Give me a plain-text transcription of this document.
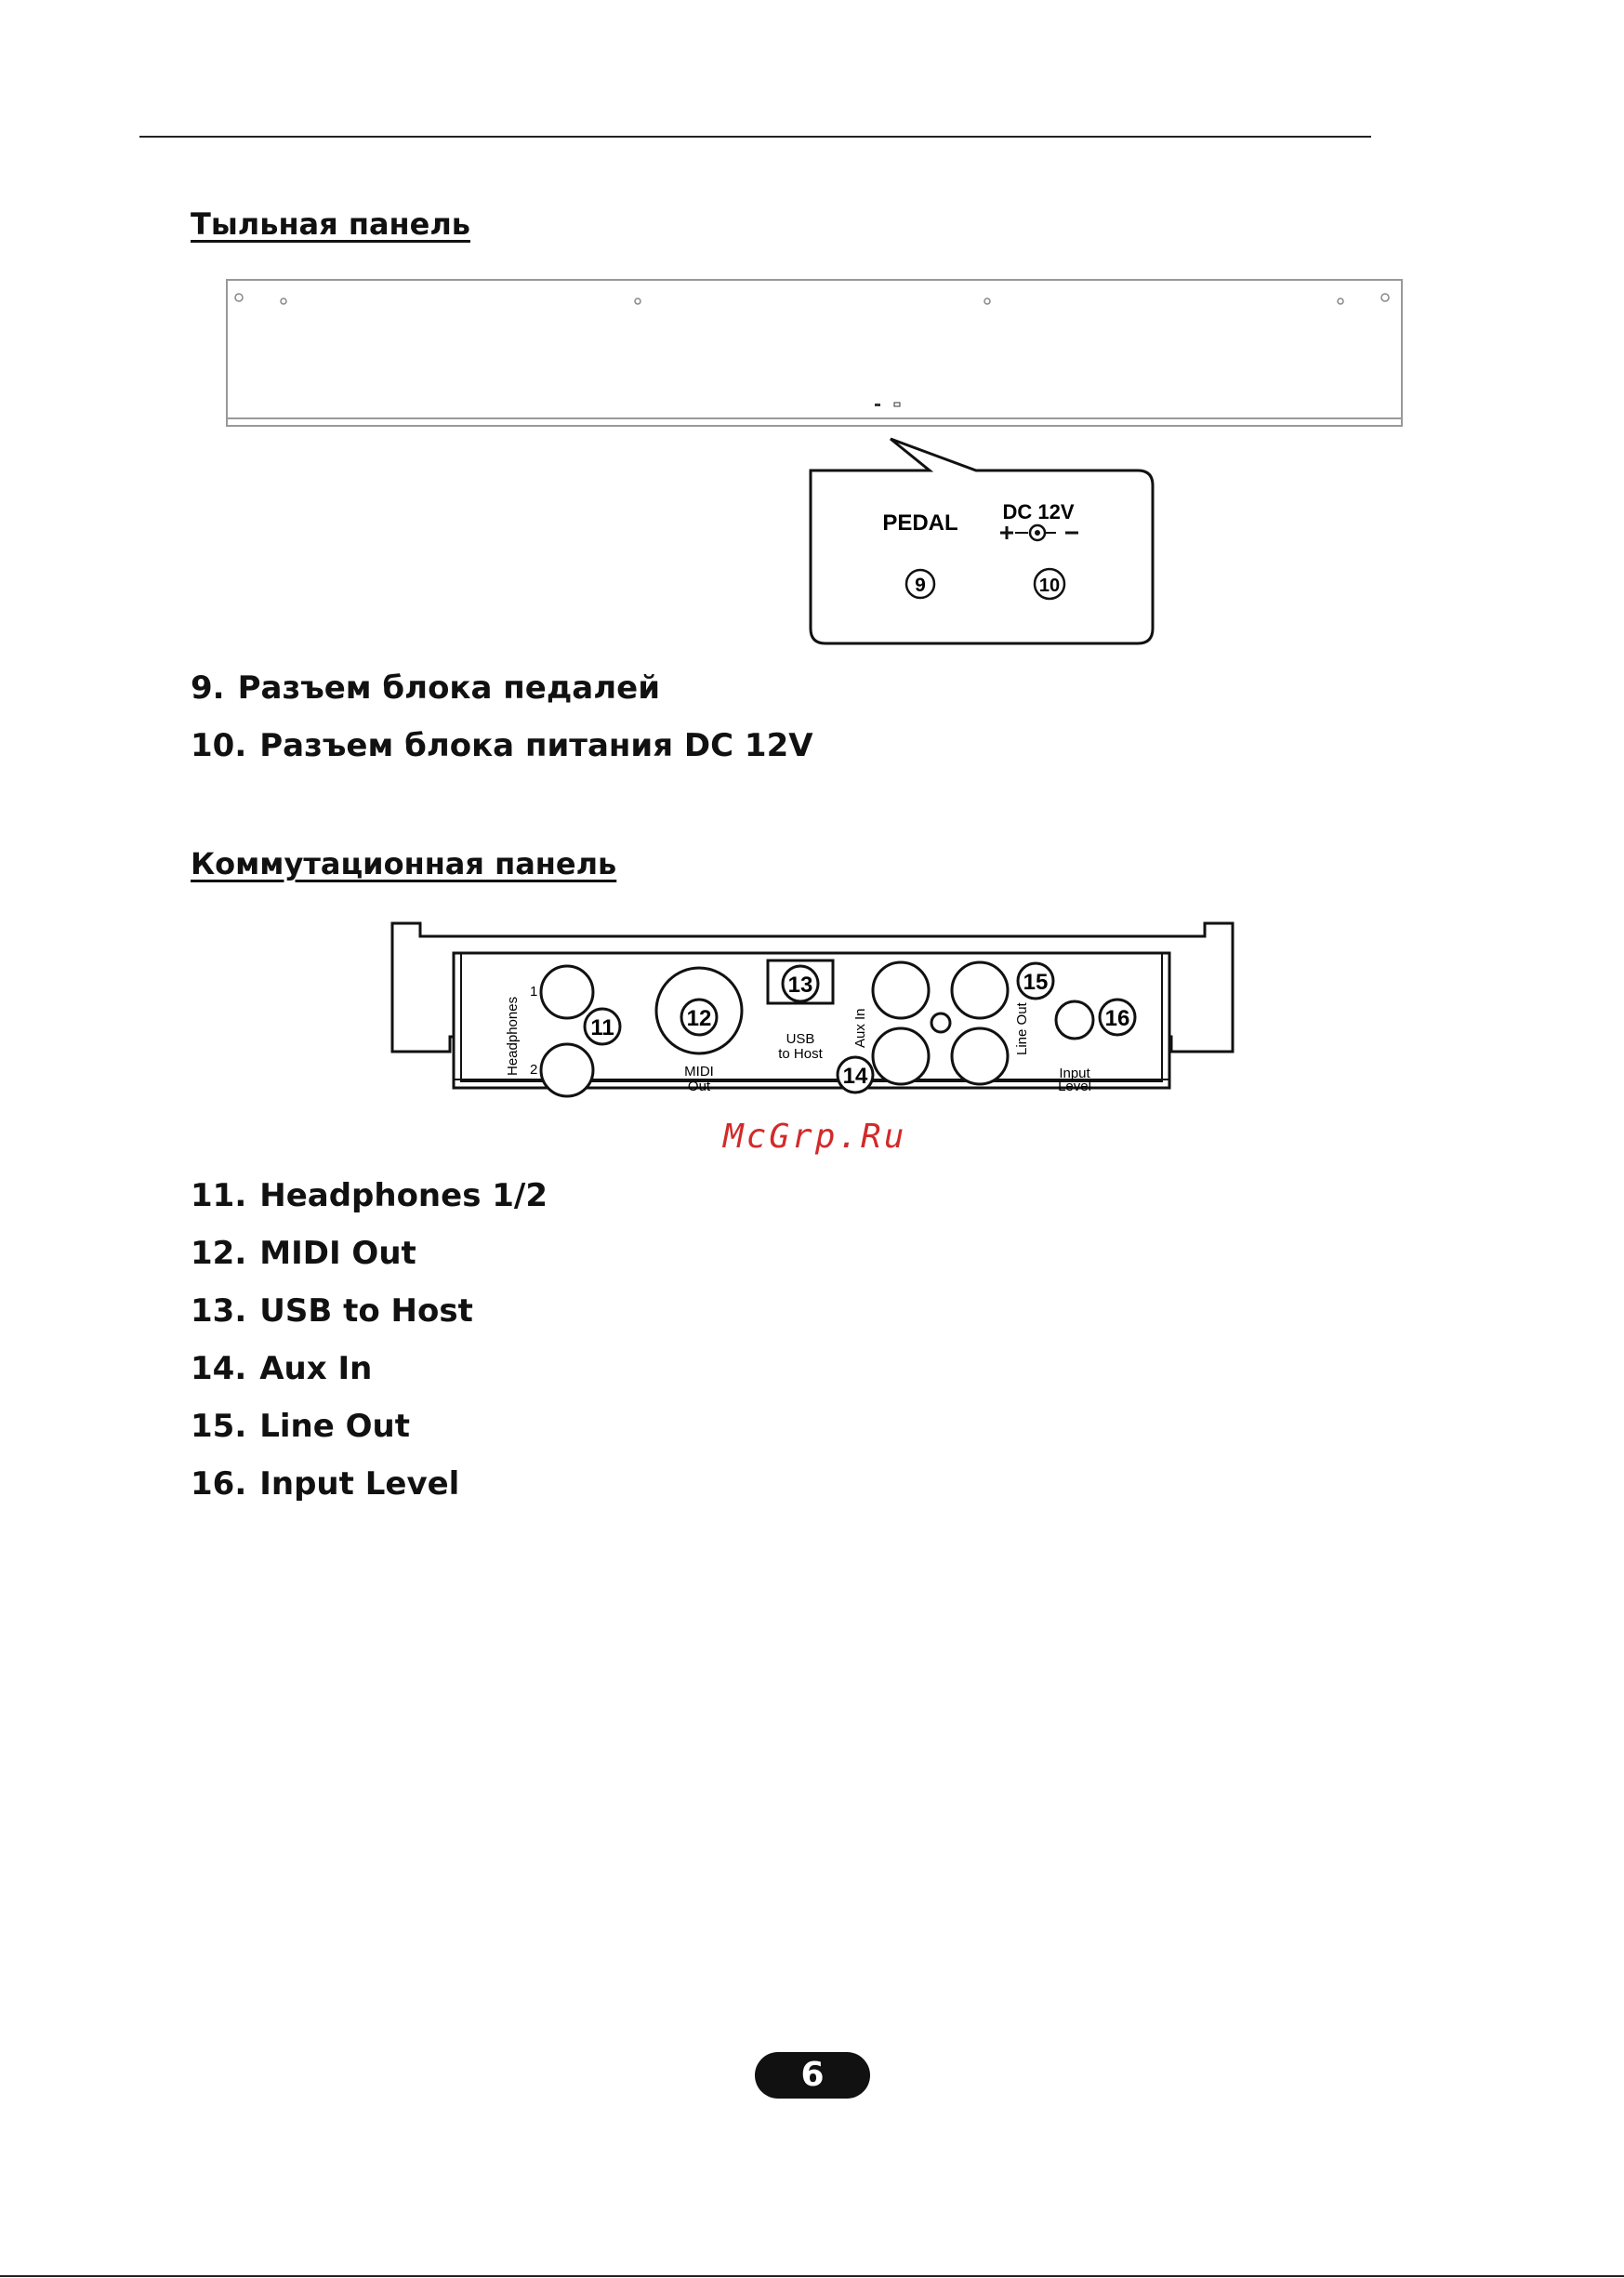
Тыльная панель
PEDAL DC 12V
9	10

9. Разъем блока педалей

10. Разъем блока питания DC 12V

Коммутационная панель
Headphones
1
2
11	12
MIDI
Out
13
USB
to Host
Aux In
14
Line Out
15
16
Input
Level
McGrp.Ru

11. Headphones 1/2

12. MIDI Out

13. USB to Host

14. Aux In

15. Line Out

16. Input Level

6
